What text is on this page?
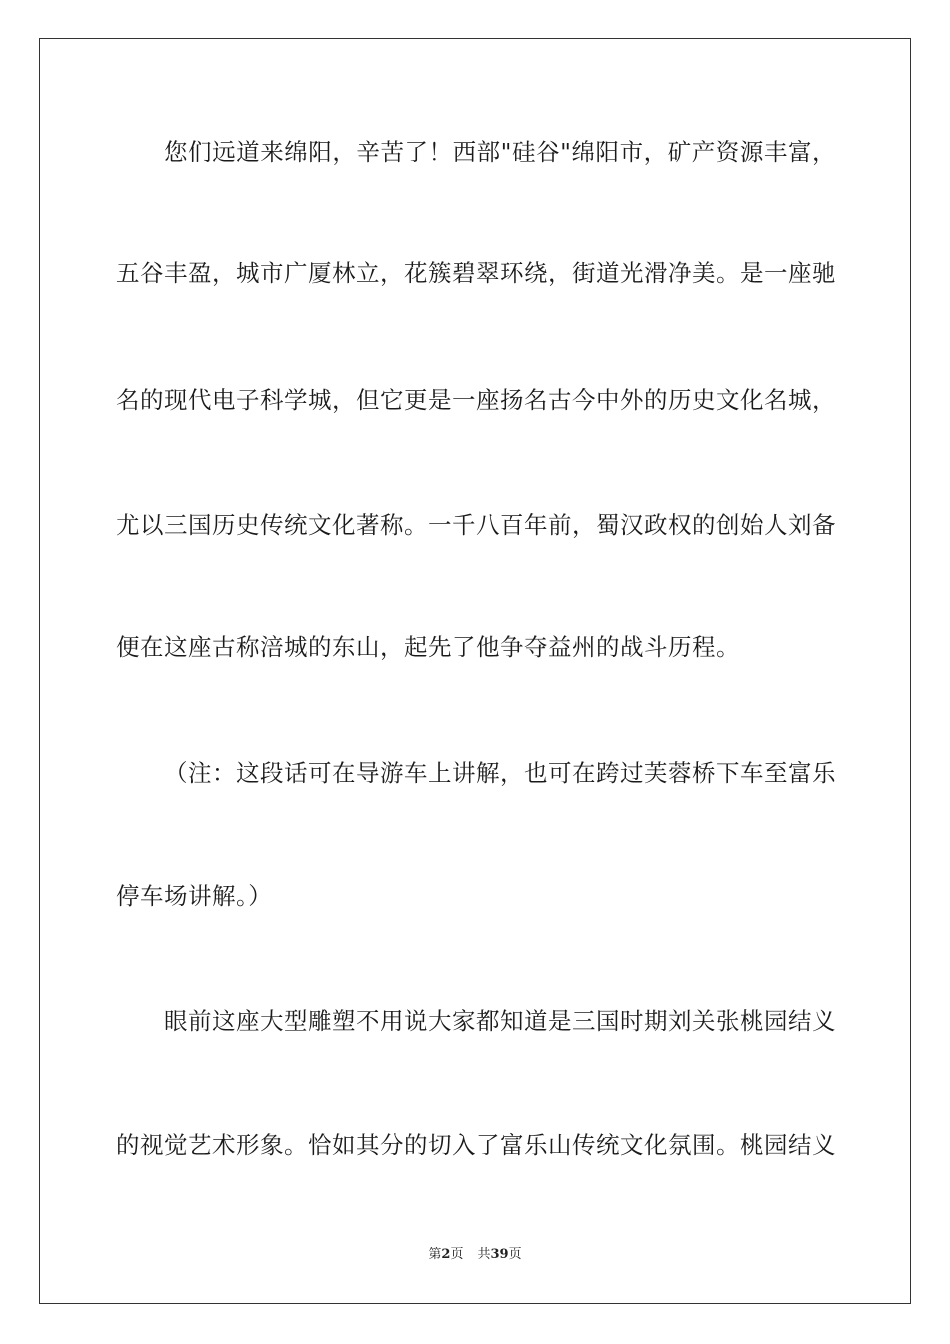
您们远道来绵阳，辛苦了！西部"硅谷"绵阳市，矿产资源丰富，
五谷丰盈，城市广厦林立，花簇碧翠环绕，街道光滑净美。是一座驰
名的现代电子科学城，但它更是一座扬名古今中外的历史文化名城，
尤以三国历史传统文化著称。一千八百年前，蜀汉政权的创始人刘备
便在这座古称涪城的东山，起先了他争夺益州的战斗历程。
（注：这段话可在导游车上讲解，也可在跨过芙蓉桥下车至富乐
停车场讲解。）
眼前这座大型雕塑不用说大家都知道是三国时期刘关张桃园结义
的视觉艺术形象。恰如其分的切入了富乐山传统文化氛围。桃园结义
第2页 共39页
